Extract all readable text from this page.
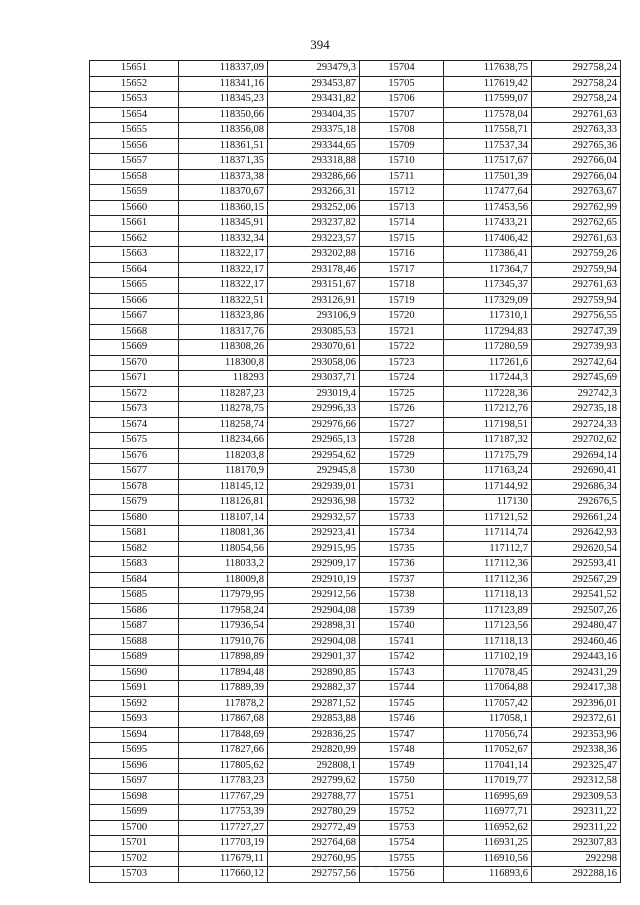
394
15651	118337,09	293479,3	15704	117638,75	292758,24
15652	118341,16	293453,87	15705	117619,42	292758,24
15653	118345,23	293431,82	15706	117599,07	292758,24
15654	118350,66	293404,35	15707	117578,04	292761,63
15655	118356,08	293375,18	15708	117558,71	292763,33
15656	118361,51	293344,65	15709	117537,34	292765,36
15657	118371,35	293318,88	15710	117517,67	292766,04
15658	118373,38	293286,66	15711	117501,39	292766,04
15659	118370,67	293266,31	15712	117477,64	292763,67
15660	118360,15	293252,06	15713	117453,56	292762,99
15661	118345,91	293237,82	15714	117433,21	292762,65
15662	118332,34	293223,57	15715	117406,42	292761,63
15663	118322,17	293202,88	15716	117386,41	292759,26
15664	118322,17	293178,46	15717	117364,7	292759,94
15665	118322,17	293151,67	15718	117345,37	292761,63
15666	118322,51	293126,91	15719	117329,09	292759,94
15667	118323,86	293106,9	15720	117310,1	292756,55
15668	118317,76	293085,53	15721	117294,83	292747,39
15669	118308,26	293070,61	15722	117280,59	292739,93
15670	118300,8	293058,06	15723	117261,6	292742,64
15671	118293	293037,71	15724	117244,3	292745,69
15672	118287,23	293019,4	15725	117228,36	292742,3
15673	118278,75	292996,33	15726	117212,76	292735,18
15674	118258,74	292976,66	15727	117198,51	292724,33
15675	118234,66	292965,13	15728	117187,32	292702,62
15676	118203,8	292954,62	15729	117175,79	292694,14
15677	118170,9	292945,8	15730	117163,24	292690,41
15678	118145,12	292939,01	15731	117144,92	292686,34
15679	118126,81	292936,98	15732	117130	292676,5
15680	118107,14	292932,57	15733	117121,52	292661,24
15681	118081,36	292923,41	15734	117114,74	292642,93
15682	118054,56	292915,95	15735	117112,7	292620,54
15683	118033,2	292909,17	15736	117112,36	292593,41
15684	118009,8	292910,19	15737	117112,36	292567,29
15685	117979,95	292912,56	15738	117118,13	292541,52
15686	117958,24	292904,08	15739	117123,89	292507,26
15687	117936,54	292898,31	15740	117123,56	292480,47
15688	117910,76	292904,08	15741	117118,13	292460,46
15689	117898,89	292901,37	15742	117102,19	292443,16
15690	117894,48	292890,85	15743	117078,45	292431,29
15691	117889,39	292882,37	15744	117064,88	292417,38
15692	117878,2	292871,52	15745	117057,42	292396,01
15693	117867,68	292853,88	15746	117058,1	292372,61
15694	117848,69	292836,25	15747	117056,74	292353,96
15695	117827,66	292820,99	15748	117052,67	292338,36
15696	117805,62	292808,1	15749	117041,14	292325,47
15697	117783,23	292799,62	15750	117019,77	292312,58
15698	117767,29	292788,77	15751	116995,69	292309,53
15699	117753,39	292780,29	15752	116977,71	292311,22
15700	117727,27	292772,49	15753	116952,62	292311,22
15701	117703,19	292764,68	15754	116931,25	292307,83
15702	117679,11	292760,95	15755	116910,56	292298
15703	117660,12	292757,56	15756	116893,6	292288,16
.
